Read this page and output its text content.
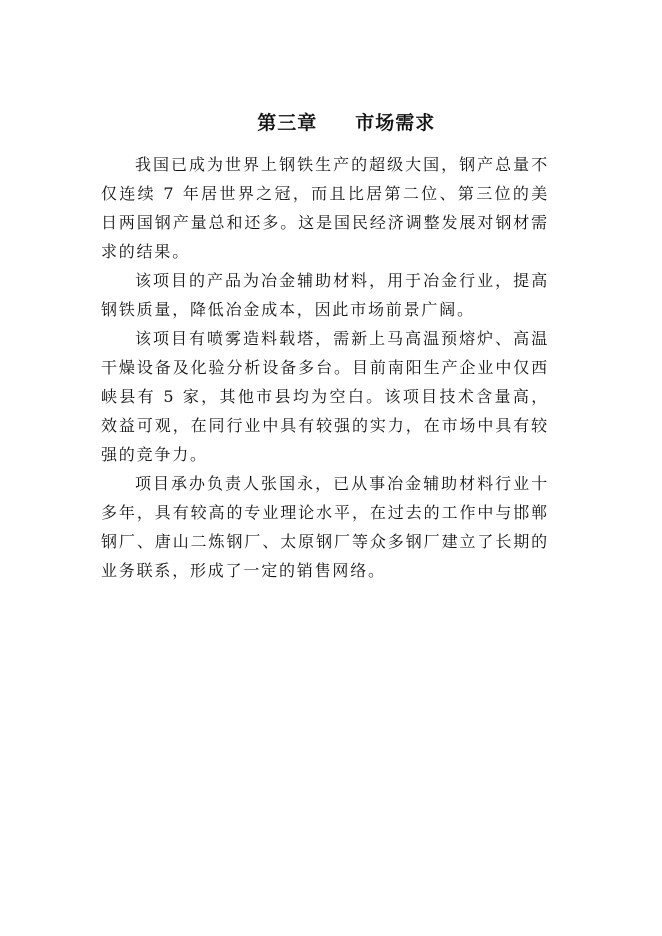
第三章 市场需求

我国已成为世界上钢铁生产的超级大国，钢产总量不仅连续 7 年居世界之冠，而且比居第二位、第三位的美日两国钢产量总和还多。这是国民经济调整发展对钢材需求的结果。

该项目的产品为冶金辅助材料，用于冶金行业，提高钢铁质量，降低冶金成本，因此市场前景广阔。

该项目有喷雾造料载塔，需新上马高温预熔炉、高温干燥设备及化验分析设备多台。目前南阳生产企业中仅西峡县有 5 家，其他市县均为空白。该项目技术含量高，效益可观，在同行业中具有较强的实力，在市场中具有较强的竞争力。

项目承办负责人张国永，已从事冶金辅助材料行业十多年，具有较高的专业理论水平，在过去的工作中与邯郸钢厂、唐山二炼钢厂、太原钢厂等众多钢厂建立了长期的业务联系，形成了一定的销售网络。
